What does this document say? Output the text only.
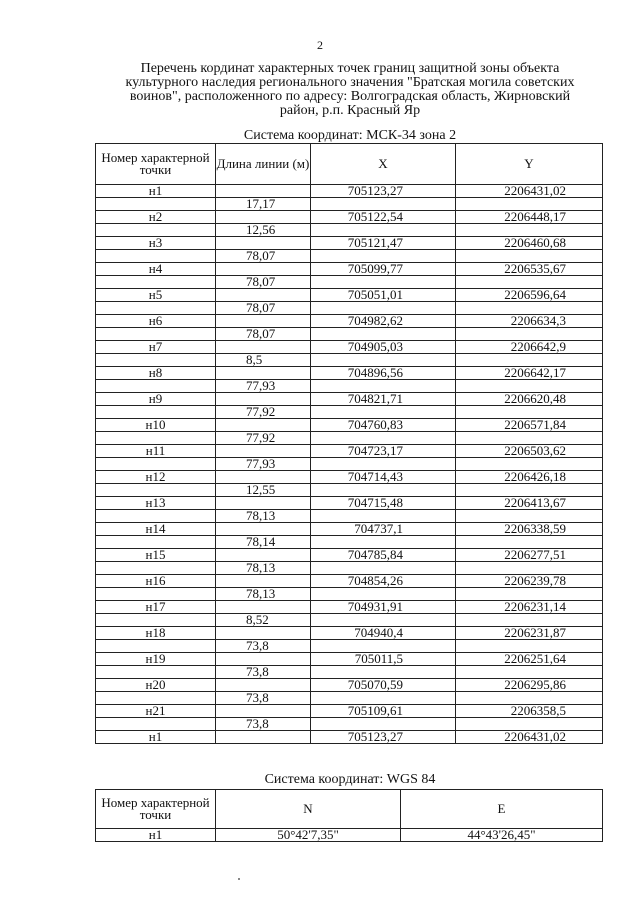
2
Перечень кординат характерных точек границ защитной зоны объекта
культурного наследия регионального значения "Братская могила советских
воинов", расположенного по адресу: Волгоградская область, Жирновский
район, р.п. Красный Яр
Система координат: МСК-34 зона 2
Номер характерной точки	Длина линии (м)	X	Y
н1		705123,27	2206431,02
	17,17		
н2		705122,54	2206448,17
	12,56		
н3		705121,47	2206460,68
	78,07		
н4		705099,77	2206535,67
	78,07		
н5		705051,01	2206596,64
	78,07		
н6		704982,62	2206634,3
	78,07		
н7		704905,03	2206642,9
	8,5		
н8		704896,56	2206642,17
	77,93		
н9		704821,71	2206620,48
	77,92		
н10		704760,83	2206571,84
	77,92		
н11		704723,17	2206503,62
	77,93		
н12		704714,43	2206426,18
	12,55		
н13		704715,48	2206413,67
	78,13		
н14		704737,1	2206338,59
	78,14		
н15		704785,84	2206277,51
	78,13		
н16		704854,26	2206239,78
	78,13		
н17		704931,91	2206231,14
	8,52		
н18		704940,4	2206231,87
	73,8		
н19		705011,5	2206251,64
	73,8		
н20		705070,59	2206295,86
	73,8		
н21		705109,61	2206358,5
	73,8		
н1		705123,27	2206431,02
Система координат: WGS 84
Номер характерной точки	N	E
н1	50°42'7,35"	44°43'26,45"
